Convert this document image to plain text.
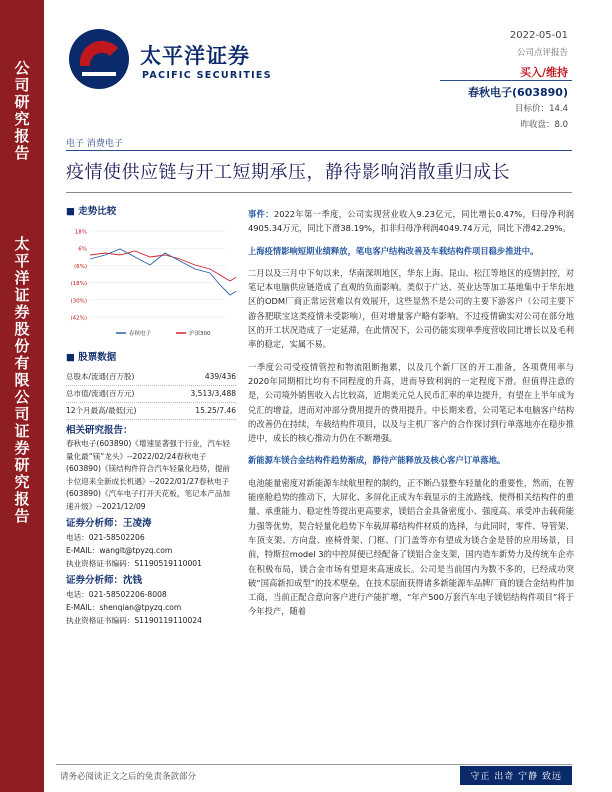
公
司
研
究
报
告
太
平
洋
证
券
股
份
有
限
公
司
证
券
研
究
报
告
太平洋证券
PACIFIC SECURITIES
2022-05-01
公司点评报告
买入/维持
春秋电子(603890)
目标价：14.4
昨收盘：8.0
电子 消费电子
疫情使供应链与开工短期承压，静待影响消散重归成长
■ 走势比较
18%
6%
(6%)
(18%)
(30%)
(42%)
春秋电子	沪深300
■ 股票数据
总股本/流通(百万股)	439/436
总市值/流通(百万元)	3,513/3,488
12个月最高/最低(元)	15.25/7.46
相关研究报告：
春秋电子(603890)《增速显著强于行业，汽车轻量化最“镁”龙头》--2022/02/24春秋电子(603890)《镁结构件符合汽车轻量化趋势，提前卡位迎来全新成长机遇》--2022/01/27春秋电子(603890)《汽车电子打开天花板，笔记本产品加速升级》--2021/12/09
证券分析师：王凌涛
电话：021-58502206
E-MAIL：wanglt@tpyzq.com
执业资格证书编码：S1190519110001
证券分析师：沈钱
电话：021-58502206-8008
E-MAIL：shenqian@tpyzq.com
执业资格证书编码：S1190119110024

事件：2022年第一季度，公司实现营业收入9.23亿元，同比增长0.47%，归母净利润4905.34万元，同比下滑38.19%，扣非归母净利润4049.74万元，同比下滑42.29%。

上海疫情影响短期业绩释放，笔电客户结构改善及车载结构件项目稳步推进中。

二月以及三月中下旬以来，华南深圳地区，华东上海、昆山、松江等地区的疫情封控，对笔记本电脑供应链造成了直观的负面影响。类似于广达、英业达等加工基地集中于华东地区的ODM厂商正常运营难以有效展开，这些显然不是公司的主要下游客户（公司主要下游各肥联宝这类疫情未受影响），但对增量客户略有影响。不过疫情确实对公司在部分地区的开工状况造成了一定延滞，在此情况下，公司仍能实现单季度营收同比增长以及毛利率的稳定，实属不易。

一季度公司受疫情管控和物流阻断拖累，以及几个新厂区的开工准备，各项费用率与2020年同期相比均有不同程度的升高，进而导致利润的一定程度下滑。但值得注意的是，公司境外销售收入占比较高，近期美元兑人民币汇率的单边提升，有望在上半年成为兑汇的增益，进而对冲部分费用提升的费用提升。中长期来看，公司笔记本电脑客户结构的改善仍在持续，车载结构件项目，以及与主机厂客户的合作探讨到行单落地亦在稳步推进中，成长的核心推动力仍在不断增强。

新能源车镁合金结构件趋势渐成，静待产能释放及核心客户订单落地。

电池能量密度对新能源车续航里程的制约，正不断凸显整车轻量化的重要性，然而，在智能座舱趋势的推动下，大屏化、多屏化正成为车载显示的主流路线，使得相关结构件的重量、承重能力、稳定性等提出更高要求，镁铝合金具备密度小、强度高、承受冲击载荷能力强等优势，契合轻量化趋势下车载屏幕结构件材质的选择，与此同时，零件、导管架、车顶支架、方向盘、座椅骨架、门框、门门盖等亦有望成为镁合金是替的应用场景，目前，特斯拉model 3的中控屏便已经配备了镁铝合金支架，国内造车新势力及传统车企亦在积极布局，镁合金市场有望迎来高速成长。公司是当前国内为数不多的，已经成功突破“国高新扣成型”的技术壁垒，在技术层面获得诸多新能源车品牌厂商的镁合金结构件加工商，当前正配合意向客户进行产能扩增，“年产500万套汽车电子镁铝结构件项目”将于今年投产，随着

请务必阅读正文之后的免责条款部分	守正 出奇 宁静 致远
